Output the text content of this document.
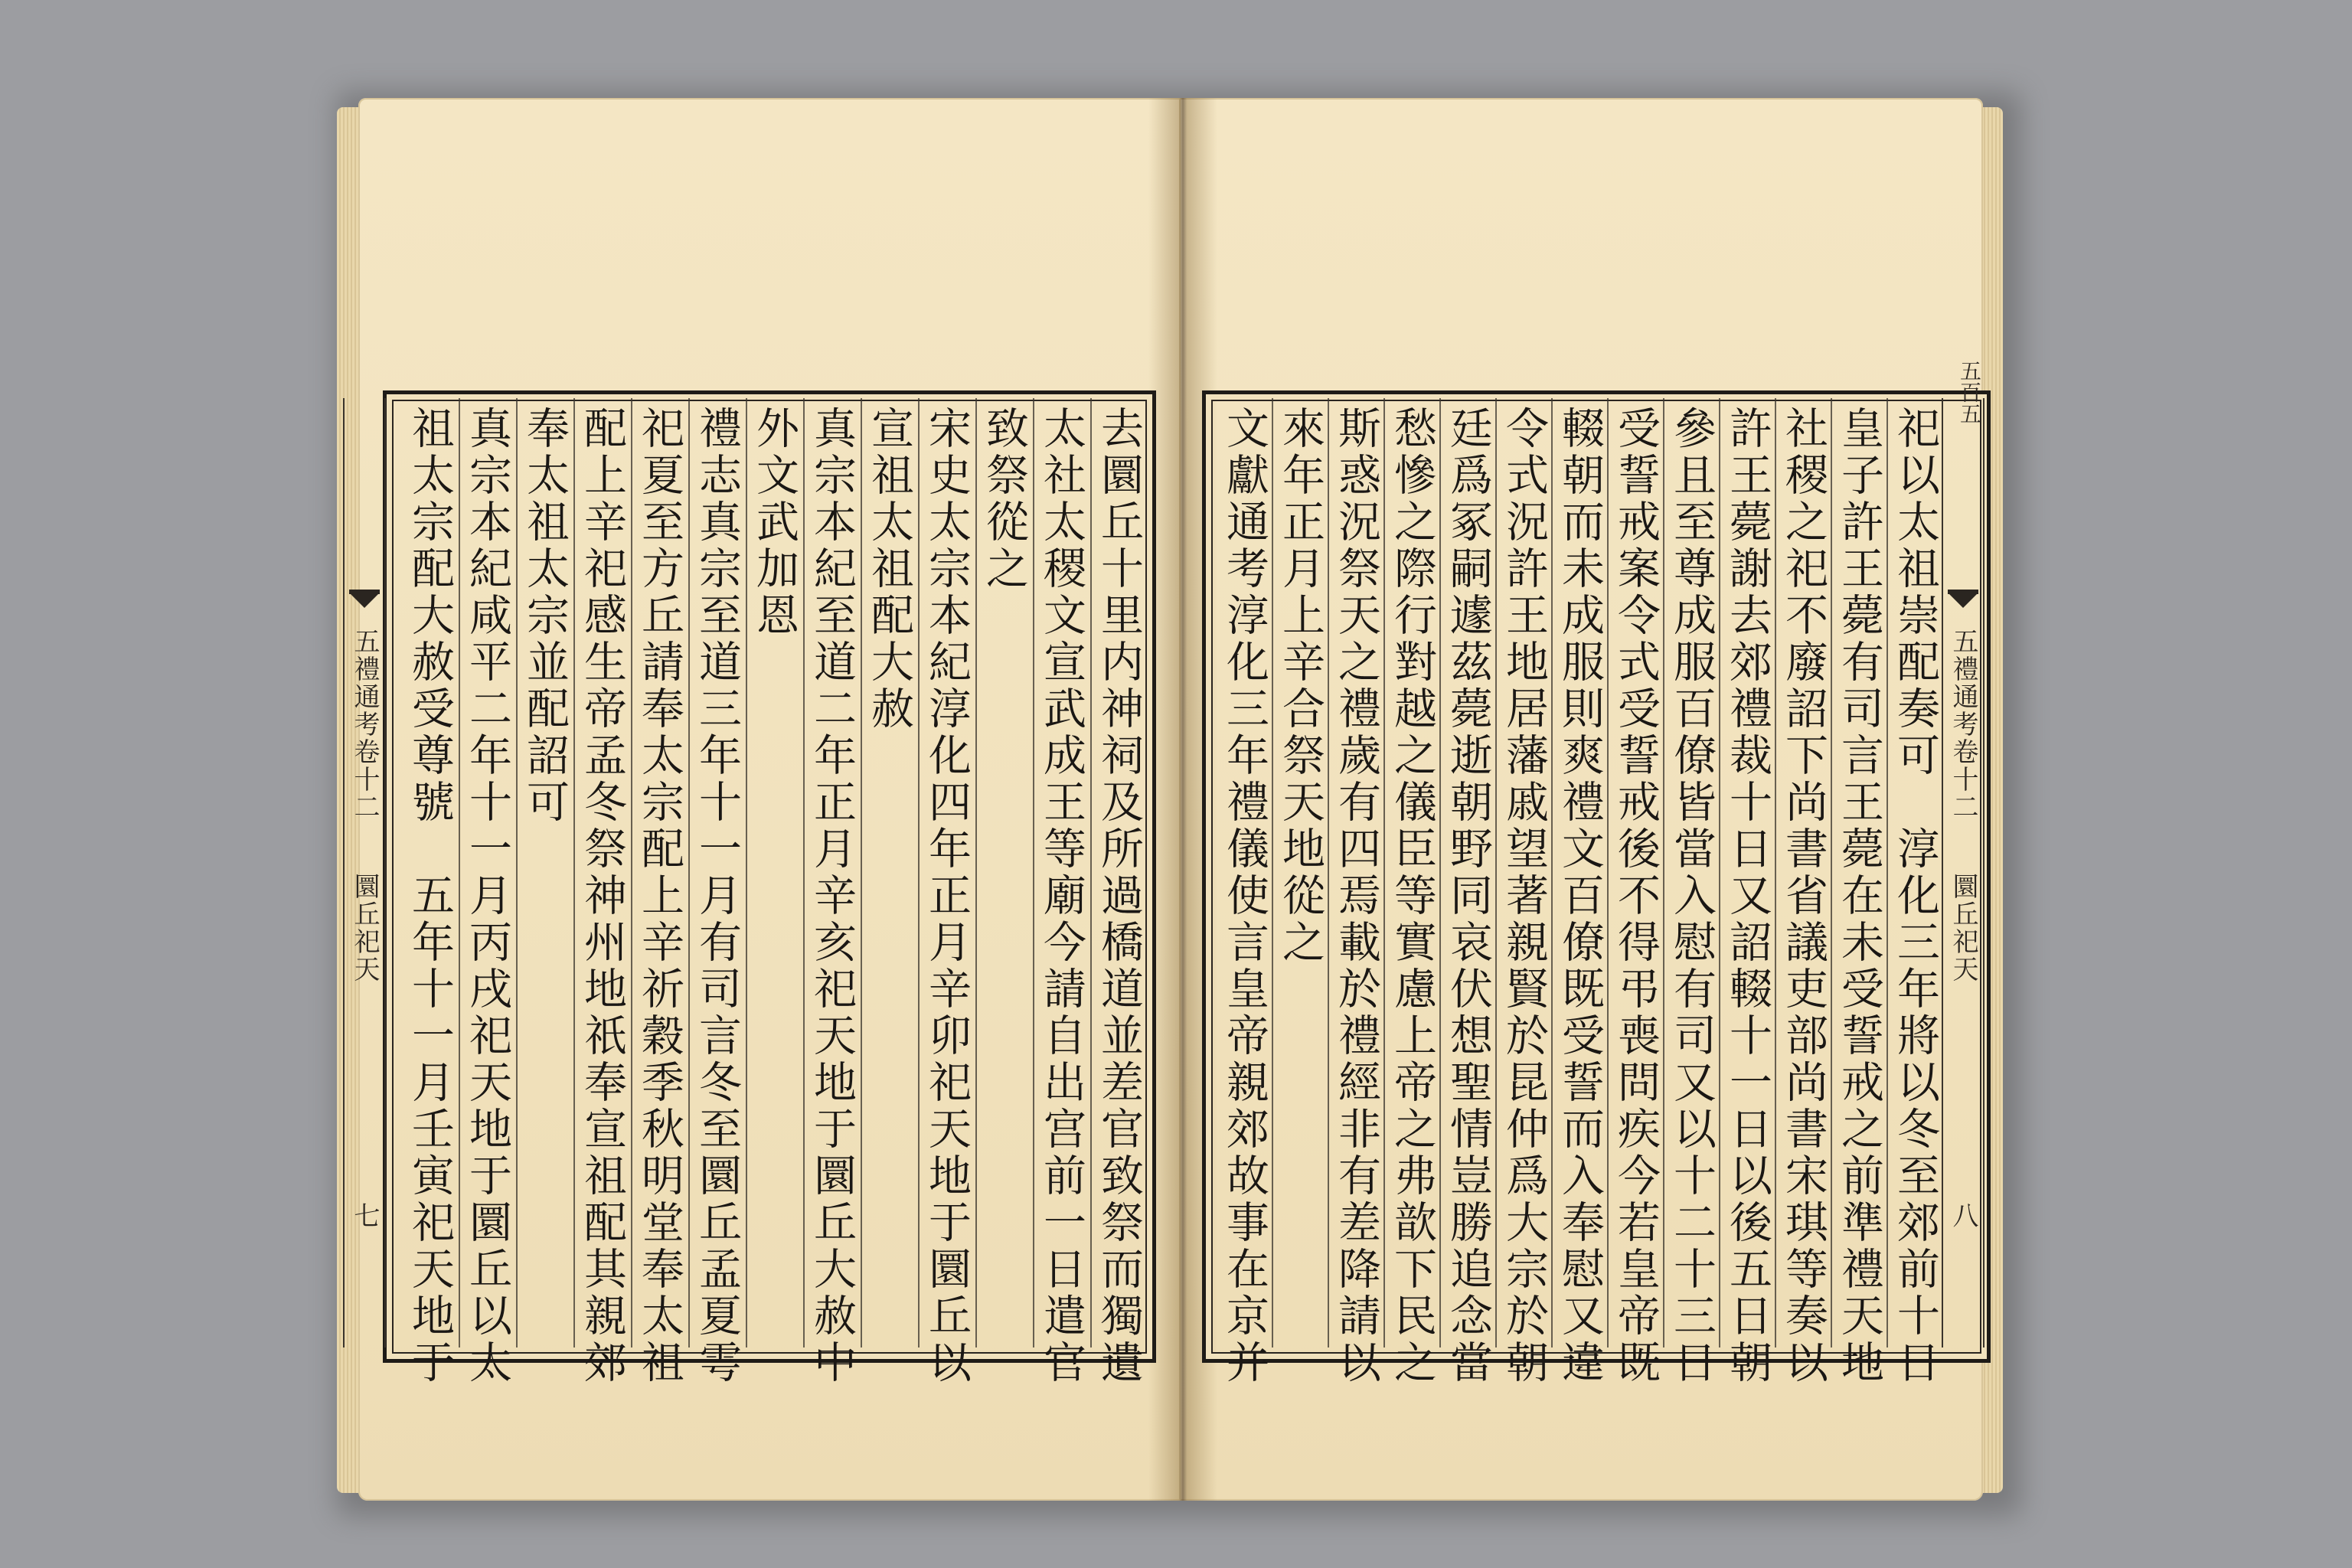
五禮通考卷十二
圜丘祀天
七	去圜丘十里内神祠及所過橋道並差官致祭而獨遺
太社太稷文宣武成王等廟今請自出宫前一日遣官
致祭從之
宋史太宗本紀淳化四年正月辛卯祀天地于圜丘以
宣祖太祖配大赦
真宗本紀至道二年正月辛亥祀天地于圜丘大赦中
外文武加恩
禮志真宗至道三年十一月有司言冬至圜丘孟夏雩
祀夏至方丘請奉太宗配上辛祈穀季秋明堂奉太祖
配上辛祀感生帝孟冬祭神州地祇奉宣祖配其親郊
奉太祖太宗並配詔可
真宗本紀咸平二年十一月丙戌祀天地于圜丘以太
祖太宗配大赦受尊號　五年十一月壬寅祀天地于
五百五
五禮通考卷十二
圜丘祀天
八
祀以太祖崇配奏可　淳化三年將以冬至郊前十日
皇子許王薨有司言王薨在未受誓戒之前準禮天地
社稷之祀不廢詔下尚書省議吏部尚書宋琪等奏以
許王薨謝去郊禮裁十日又詔輟十一日以後五日朝
參且至尊成服百僚皆當入慰有司又以十二十三日
受誓戒案令式受誓戒後不得弔喪問疾今若皇帝既
輟朝而未成服則爽禮文百僚既受誓而入奉慰又違
令式況許王地居藩戚望著親賢於昆仲爲大宗於朝
廷爲冢嗣遽茲薨逝朝野同哀伏想聖情豈勝追念當
愁慘之際行對越之儀臣等實慮上帝之弗歆下民之
斯惑況祭天之禮歲有四焉載於禮經非有差降請以
來年正月上辛合祭天地從之
文獻通考淳化三年禮儀使言皇帝親郊故事在京并
